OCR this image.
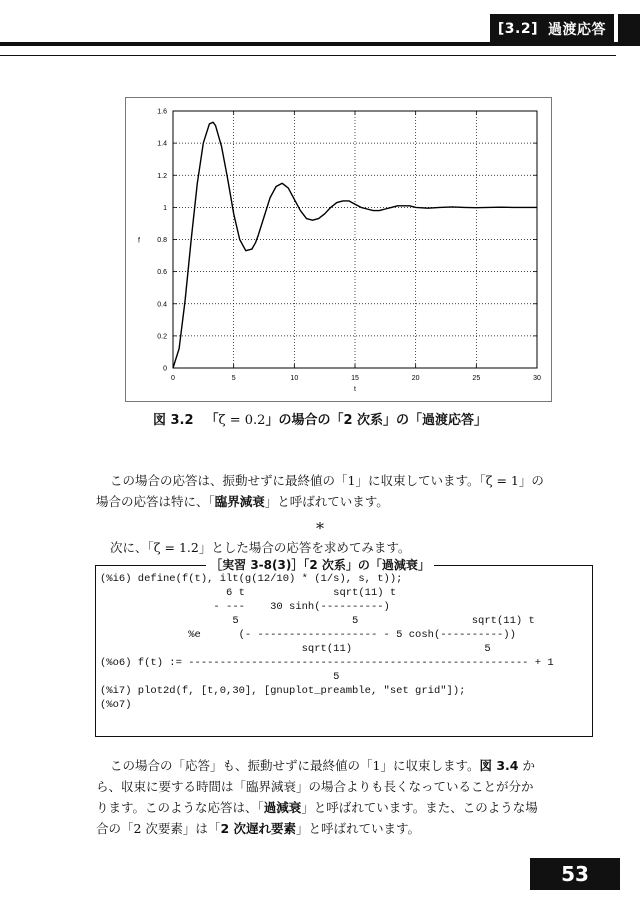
[3.2] 過渡応答
0	5	10	15	20	25	30
0
0.2
0.4
0.6
0.8
1
1.2
1.4
1.6
t
f
図 3.2 「ζ = 0.2」の場合の「2 次系」の「過渡応答」

この場合の応答は、振動せずに最終値の「1」に収束しています。「ζ = 1」の
場合の応答は特に、「臨界減衰」と呼ばれています。

*

次に、「ζ = 1.2」とした場合の応答を求めてみます。

［実習 3-8(3)］「2 次系」の「過減衰」
(%i6) define(f(t), ilt(g(12/10) * (1/s), s, t));
6 t              sqrt(11) t
- ---    30 sinh(----------)
5                  5                  sqrt(11) t
%e      (- ------------------- - 5 cosh(----------))
sqrt(11)                     5
(%o6) f(t) := ------------------------------------------------------ + 1
5
(%i7) plot2d(f, [t,0,30], [gnuplot_preamble, "set grid"]);
(%o7)

この場合の「応答」も、振動せずに最終値の「1」に収束します。図 3.4 か
ら、収束に要する時間は「臨界減衰」の場合よりも長くなっていることが分か
ります。このような応答は、「過減衰」と呼ばれています。また、このような場
合の「2 次要素」は「2 次遅れ要素」と呼ばれています。

53
